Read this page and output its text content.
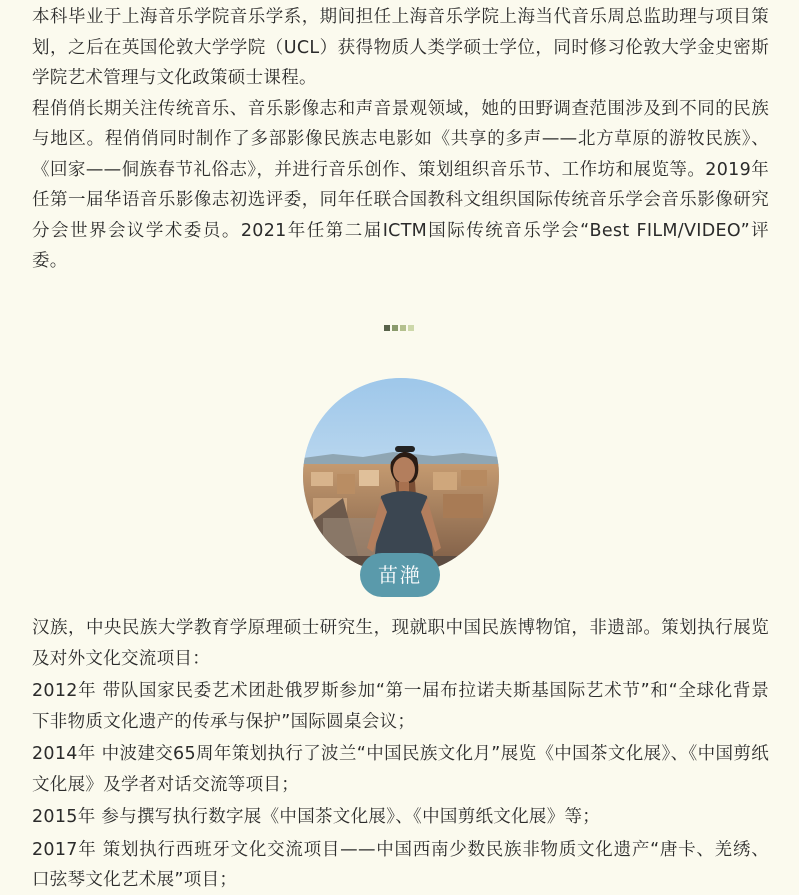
本科毕业于上海音乐学院音乐学系，期间担任上海音乐学院上海当代音乐周总监助理与项目策划，之后在英国伦敦大学学院（UCL）获得物质人类学硕士学位，同时修习伦敦大学金史密斯学院艺术管理与文化政策硕士课程。

程俏俏长期关注传统音乐、音乐影像志和声音景观领域，她的田野调查范围涉及到不同的民族与地区。程俏俏同时制作了多部影像民族志电影如《共享的多声——北方草原的游牧民族》、《回家——侗族春节礼俗志》，并进行音乐创作、策划组织音乐节、工作坊和展览等。2019年任第一届华语音乐影像志初选评委，同年任联合国教科文组织国际传统音乐学会音乐影像研究分会世界会议学术委员。2021年任第二届ICTM国际传统音乐学会“Best FILM/VIDEO”评委。

苗滟

汉族，中央民族大学教育学原理硕士研究生，现就职中国民族博物馆，非遗部。策划执行展览及对外文化交流项目：

2012年 带队国家民委艺术团赴俄罗斯参加“第一届布拉诺夫斯基国际艺术节”和“全球化背景下非物质文化遗产的传承与保护”国际圆桌会议；

2014年 中波建交65周年策划执行了波兰“中国民族文化月”展览《中国茶文化展》、《中国剪纸文化展》及学者对话交流等项目；

2015年 参与撰写执行数字展《中国茶文化展》、《中国剪纸文化展》等；

2017年 策划执行西班牙文化交流项目——中国西南少数民族非物质文化遗产“唐卡、羌绣、口弦琴文化艺术展”项目；
